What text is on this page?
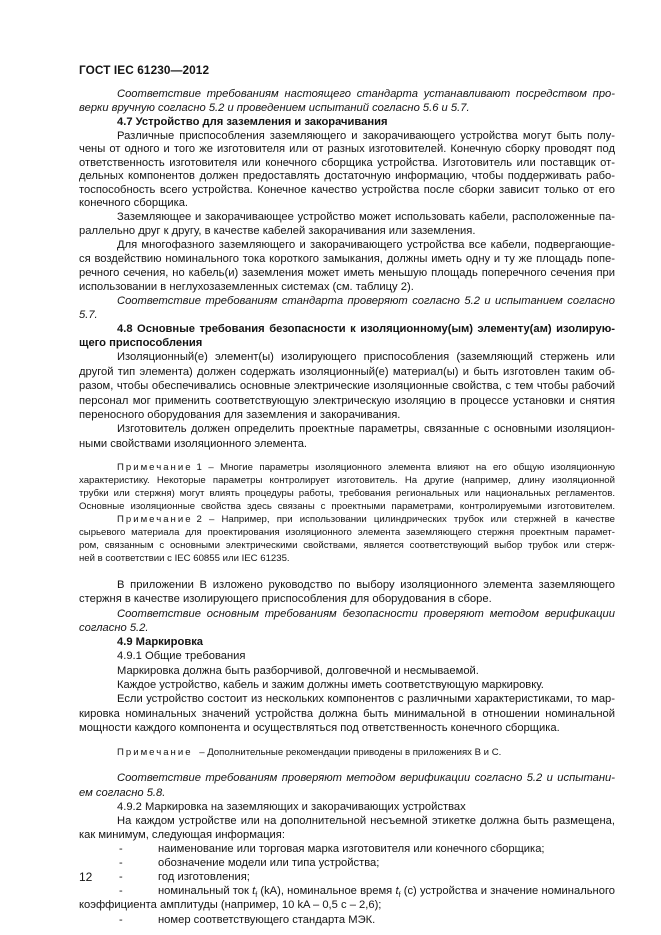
ГОСТ IEC 61230—2012
Соответствие требованиям настоящего стандарта устанавливают посредством про-
верки вручную согласно 5.2 и проведением испытаний согласно 5.6 и 5.7.
4.7 Устройство для заземления и закорачивания
Различные приспособления заземляющего и закорачивающего устройства могут быть полу-
чены от одного и того же изготовителя или от разных изготовителей. Конечную сборку проводят под
ответственность изготовителя или конечного сборщика устройства. Изготовитель или поставщик от-
дельных компонентов должен предоставлять достаточную информацию, чтобы поддерживать рабо-
тоспособность всего устройства. Конечное качество устройства после сборки зависит только от его
конечного сборщика.
Заземляющее и закорачивающее устройство может использовать кабели, расположенные па-
раллельно друг к другу, в качестве кабелей закорачивания или заземления.
Для многофазного заземляющего и закорачивающего устройства все кабели, подвергающие-
ся воздействию номинального тока короткого замыкания, должны иметь одну и ту же площадь попе-
речного сечения, но кабель(и) заземления может иметь меньшую площадь поперечного сечения при
использовании в неглухозаземленных системах (см. таблицу 2).
Соответствие требованиям стандарта проверяют согласно 5.2 и испытанием согласно
5.7.
4.8 Основные требования безопасности к изоляционному(ым) элементу(ам) изолирую-
щего приспособления
Изоляционный(е) элемент(ы) изолирующего приспособления (заземляющий стержень или
другой тип элемента) должен содержать изоляционный(е) материал(ы) и быть изготовлен таким об-
разом, чтобы обеспечивались основные электрические изоляционные свойства, с тем чтобы рабочий
персонал мог применить соответствующую электрическую изоляцию в процессе установки и снятия
переносного оборудования для заземления и закорачивания.
Изготовитель должен определить проектные параметры, связанные с основными изоляцион-
ными свойствами изоляционного элемента.
Примечание 1 – Многие параметры изоляционного элемента влияют на его общую изоляционную
характеристику. Некоторые параметры контролирует изготовитель. На другие (например, длину изоляционной
трубки или стержня) могут влиять процедуры работы, требования региональных или национальных регламентов.
Основные изоляционные свойства здесь связаны с проектными параметрами, контролируемыми изготовителем.
Примечание 2 – Например, при использовании цилиндрических трубок или стержней в качестве
сырьевого материала для проектирования изоляционного элемента заземляющего стержня проектным парамет-
ром, связанным с основными электрическими свойствами, является соответствующий выбор трубок или стерж-
ней в соответствии с IEC 60855 или IEC 61235.
В приложении В изложено руководство по выбору изоляционного элемента заземляющего
стержня в качестве изолирующего приспособления для оборудования в сборе.
Соответствие основным требованиям безопасности проверяют методом верификации
согласно 5.2.
4.9 Маркировка
4.9.1 Общие требования
Маркировка должна быть разборчивой, долговечной и несмываемой.
Каждое устройство, кабель и зажим должны иметь соответствующую маркировку.
Если устройство состоит из нескольких компонентов с различными характеристиками, то мар-
кировка номинальных значений устройства должна быть минимальной в отношении номинальной
мощности каждого компонента и осуществляться под ответственность конечного сборщика.
Примечание – Дополнительные рекомендации приводены в приложениях В и С.
Соответствие требованиям проверяют методом верификации согласно 5.2 и испытани-
ем согласно 5.8.
4.9.2 Маркировка на заземляющих и закорачивающих устройствах
На каждом устройстве или на дополнительной несъемной этикетке должна быть размещена,
как минимум, следующая информация:
-	наименование или торговая марка изготовителя или конечного сборщика;
-	обозначение модели или типа устройства;
-	год изготовления;
-	номинальный ток $t_f$ (kA), номинальное время $t_f$ (c) устройства и значение номинального
коэффициента амплитуды (например, 10 kA – 0,5 c – 2,6);
-	номер соответствующего стандарта МЭК.
12
